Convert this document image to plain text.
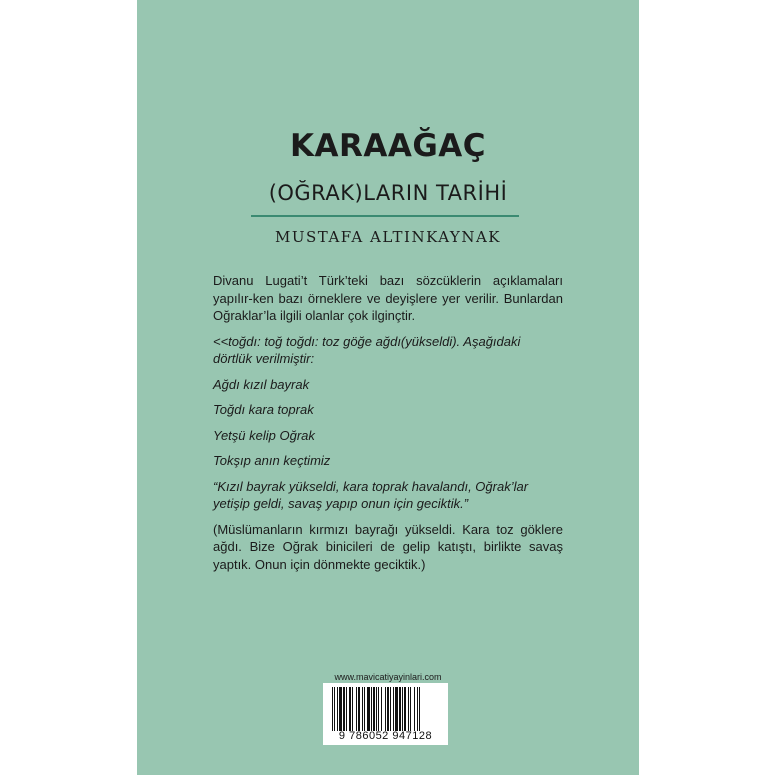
KARAAĞAÇ
(OĞRAK)LARIN TARİHİ
MUSTAFA ALTINKAYNAK

Divanu Lugati’t Türk’teki bazı sözcüklerin açıklamaları yapılır-ken bazı örneklere ve deyişlere yer verilir. Bunlardan Oğraklar’la ilgili olanlar çok ilginçtir.

<<toğdı: toğ toğdı: toz göğe ağdı(yükseldi). Aşağıdaki dörtlük verilmiştir:

Ağdı kızıl bayrak

Toğdı kara toprak

Yetşü kelip Oğrak

Tokşıp anın keçtimiz

“Kızıl bayrak yükseldi, kara toprak havalandı, Oğrak’lar yetişip geldi, savaş yapıp onun için geciktik.”

(Müslümanların kırmızı bayrağı yükseldi. Kara toz göklere ağdı. Bize Oğrak binicileri de gelip katıştı, birlikte savaş yaptık. Onun için dönmekte geciktik.)

www.mavicatiyayinlari.com
9 786052 947128
